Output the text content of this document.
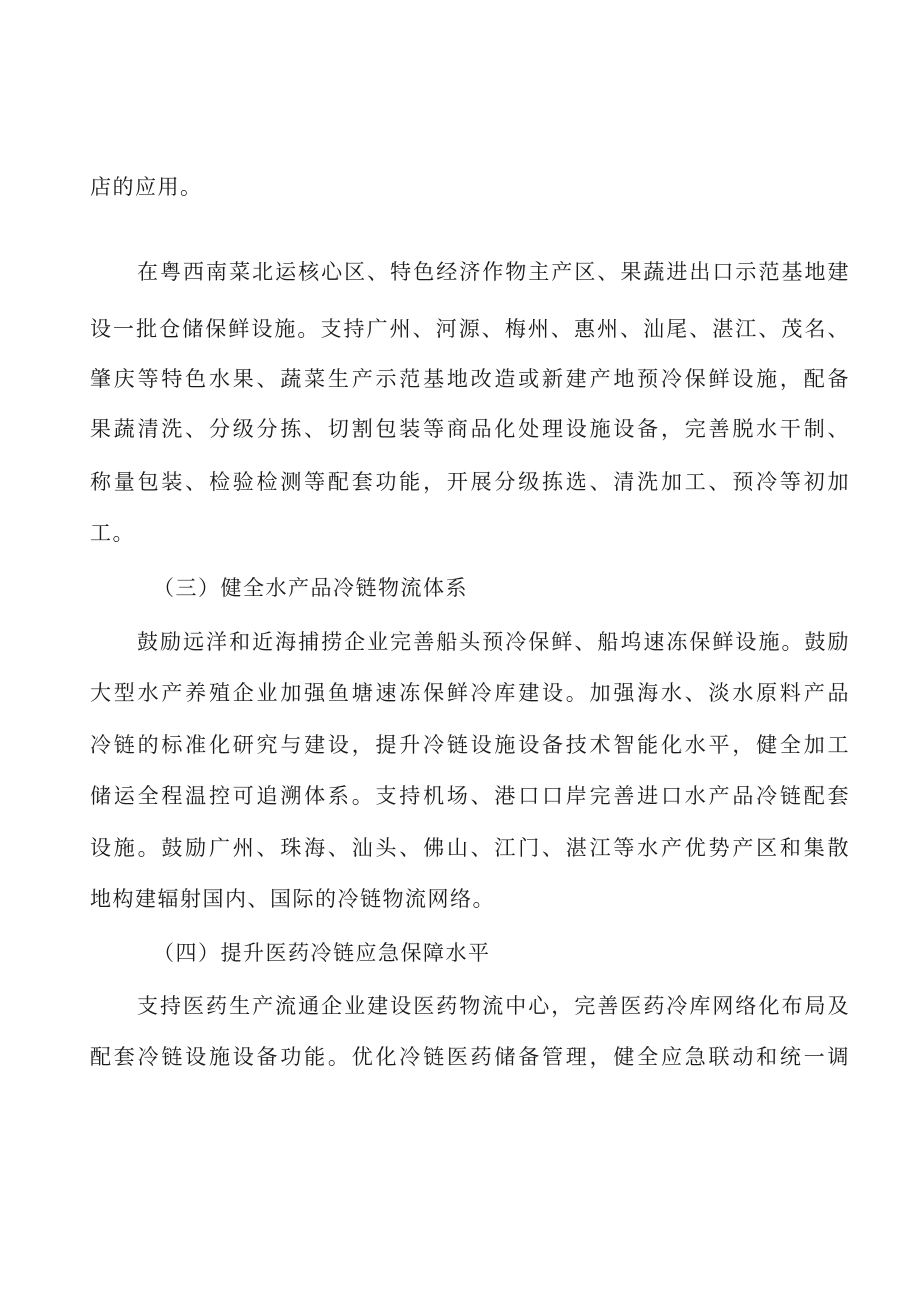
店的应用。
在粤西南菜北运核心区、特色经济作物主产区、果蔬进出口示范基地建
设一批仓储保鲜设施。支持广州、河源、梅州、惠州、汕尾、湛江、茂名、
肇庆等特色水果、蔬菜生产示范基地改造或新建产地预冷保鲜设施，配备
果蔬清洗、分级分拣、切割包装等商品化处理设施设备，完善脱水干制、
称量包装、检验检测等配套功能，开展分级拣选、清洗加工、预冷等初加
工。
（三）健全水产品冷链物流体系
鼓励远洋和近海捕捞企业完善船头预冷保鲜、船坞速冻保鲜设施。鼓励
大型水产养殖企业加强鱼塘速冻保鲜冷库建设。加强海水、淡水原料产品
冷链的标准化研究与建设，提升冷链设施设备技术智能化水平，健全加工
储运全程温控可追溯体系。支持机场、港口口岸完善进口水产品冷链配套
设施。鼓励广州、珠海、汕头、佛山、江门、湛江等水产优势产区和集散
地构建辐射国内、国际的冷链物流网络。
（四）提升医药冷链应急保障水平
支持医药生产流通企业建设医药物流中心，完善医药冷库网络化布局及
配套冷链设施设备功能。优化冷链医药储备管理，健全应急联动和统一调
